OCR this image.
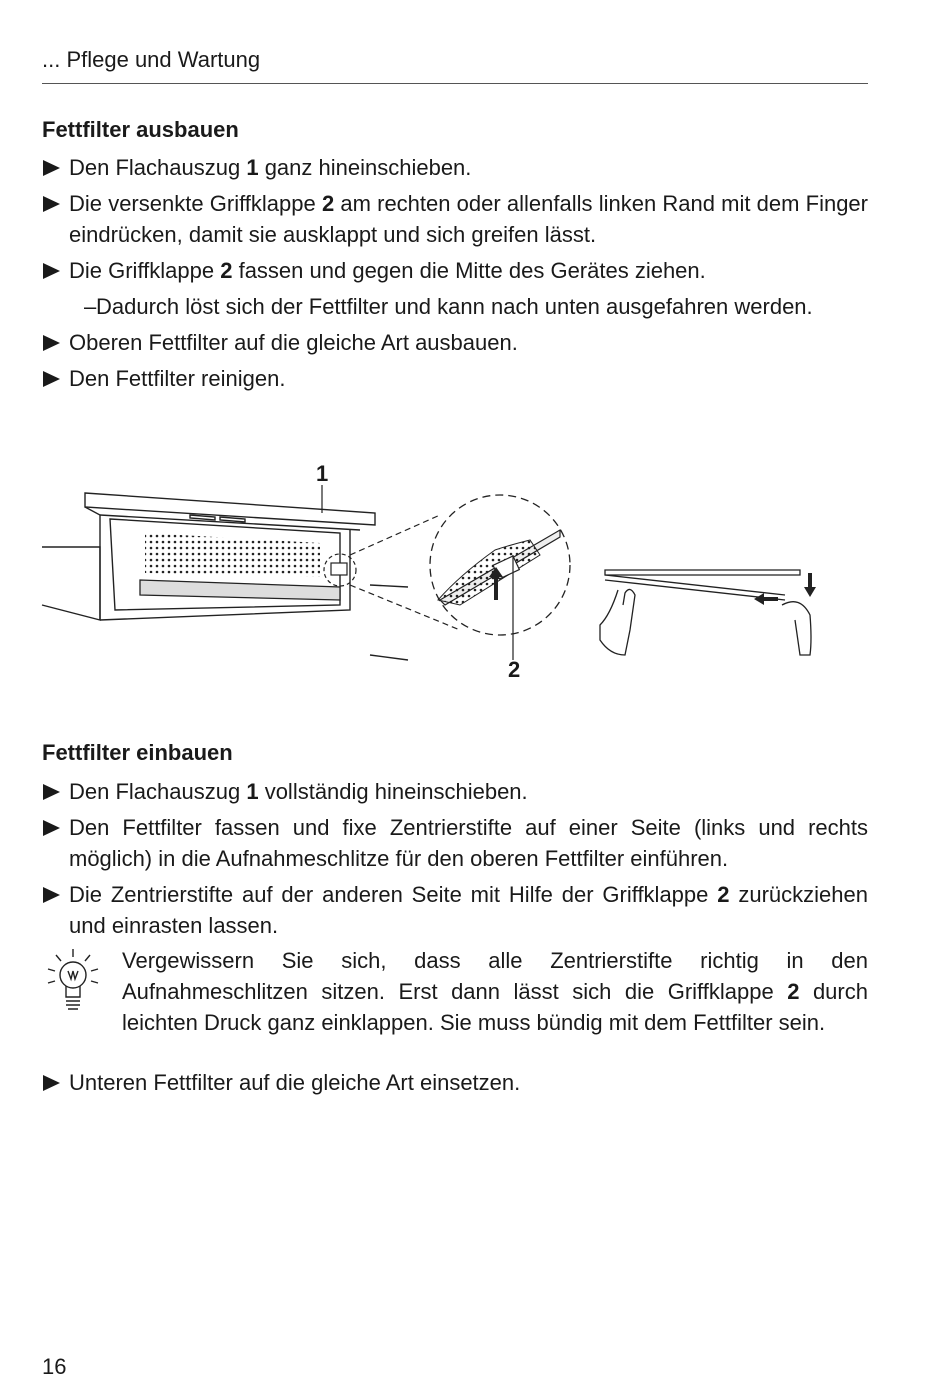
... Pflege und Wartung
Fettfilter ausbauen
Den Flachauszug 1 ganz hineinschieben.
Die versenkte Griffklappe 2 am rechten oder allenfalls linken Rand mit dem Finger eindrücken, damit sie ausklappt und sich greifen lässt.
Die Griffklappe 2 fassen und gegen die Mitte des Gerätes ziehen.
– Dadurch löst sich der Fettfilter und kann nach unten ausgefahren werden.
Oberen Fettfilter auf die gleiche Art ausbauen.
Den Fettfilter reinigen.
1
2
Fettfilter einbauen
Den Flachauszug 1 vollständig hineinschieben.
Den Fettfilter fassen und fixe Zentrierstifte auf einer Seite (links und rechts möglich) in die Aufnahmeschlitze für den oberen Fettfilter einführen.
Die Zentrierstifte auf der anderen Seite mit Hilfe der Griffklappe 2 zurückziehen und einrasten lassen.
Vergewissern Sie sich, dass alle Zentrierstifte richtig in den Aufnahmeschlitzen sitzen. Erst dann lässt sich die Griffklappe 2 durch leichten Druck ganz einklappen. Sie muss bündig mit dem Fettfilter sein.
Unteren Fettfilter auf die gleiche Art einsetzen.
16
